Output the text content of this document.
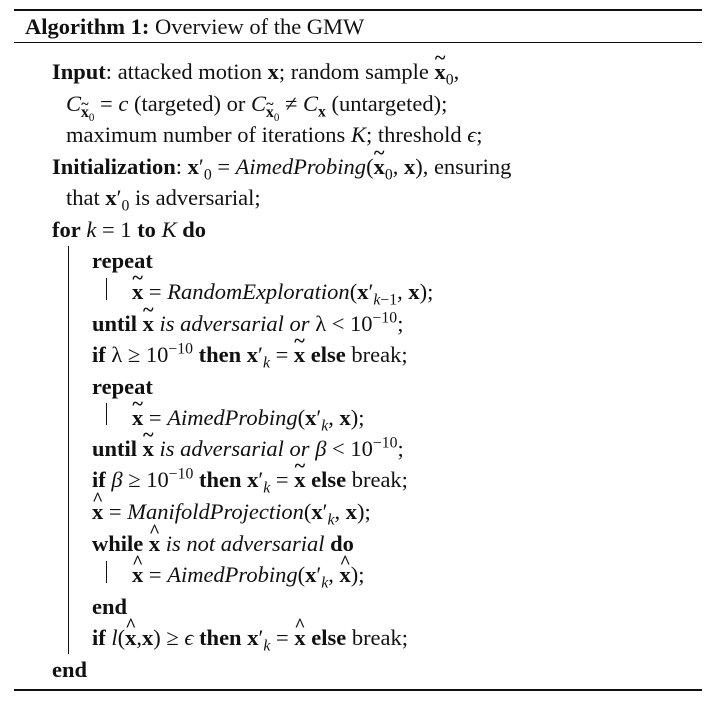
Algorithm 1: Overview of the GMW
Input: attacked motion x; random sample ~ $x_0$,
$C_{x_0} = c$ (targeted) or $C_{x_0} \ne C_x$ (untargeted);
maximum number of iterations K; threshold ϵ;
Initialization: $x'_0$ = AimedProbing(~ $x_0$, x), ensuring
that $x'_0$ is adversarial;
for k = 1 to K do
repeat
~ $x = RandomExploration(x'_{k-1}$, x);
until ~ x is adversarial or $\lambda < 10^{-10}$;
if $\lambda \ge 10^{-10}$ then $x'_k$ = ~ x else break;
repeat
~ $x = AimedProbing(x'_k$, x);
until ~ x is adversarial or $\beta < 10^{-10}$;
if $\beta \ge 10^{-10}$ then $x'_k$ = ~ x else break;
^ $x = ManifoldProjection(x'_k$, x);
while ^ x is not adversarial do
^ $x = AimedProbing(x'_k$, ^ x);
end
if l(^ x,x) ≥ ϵ then $x'_k$ = ^ x else break;
end
